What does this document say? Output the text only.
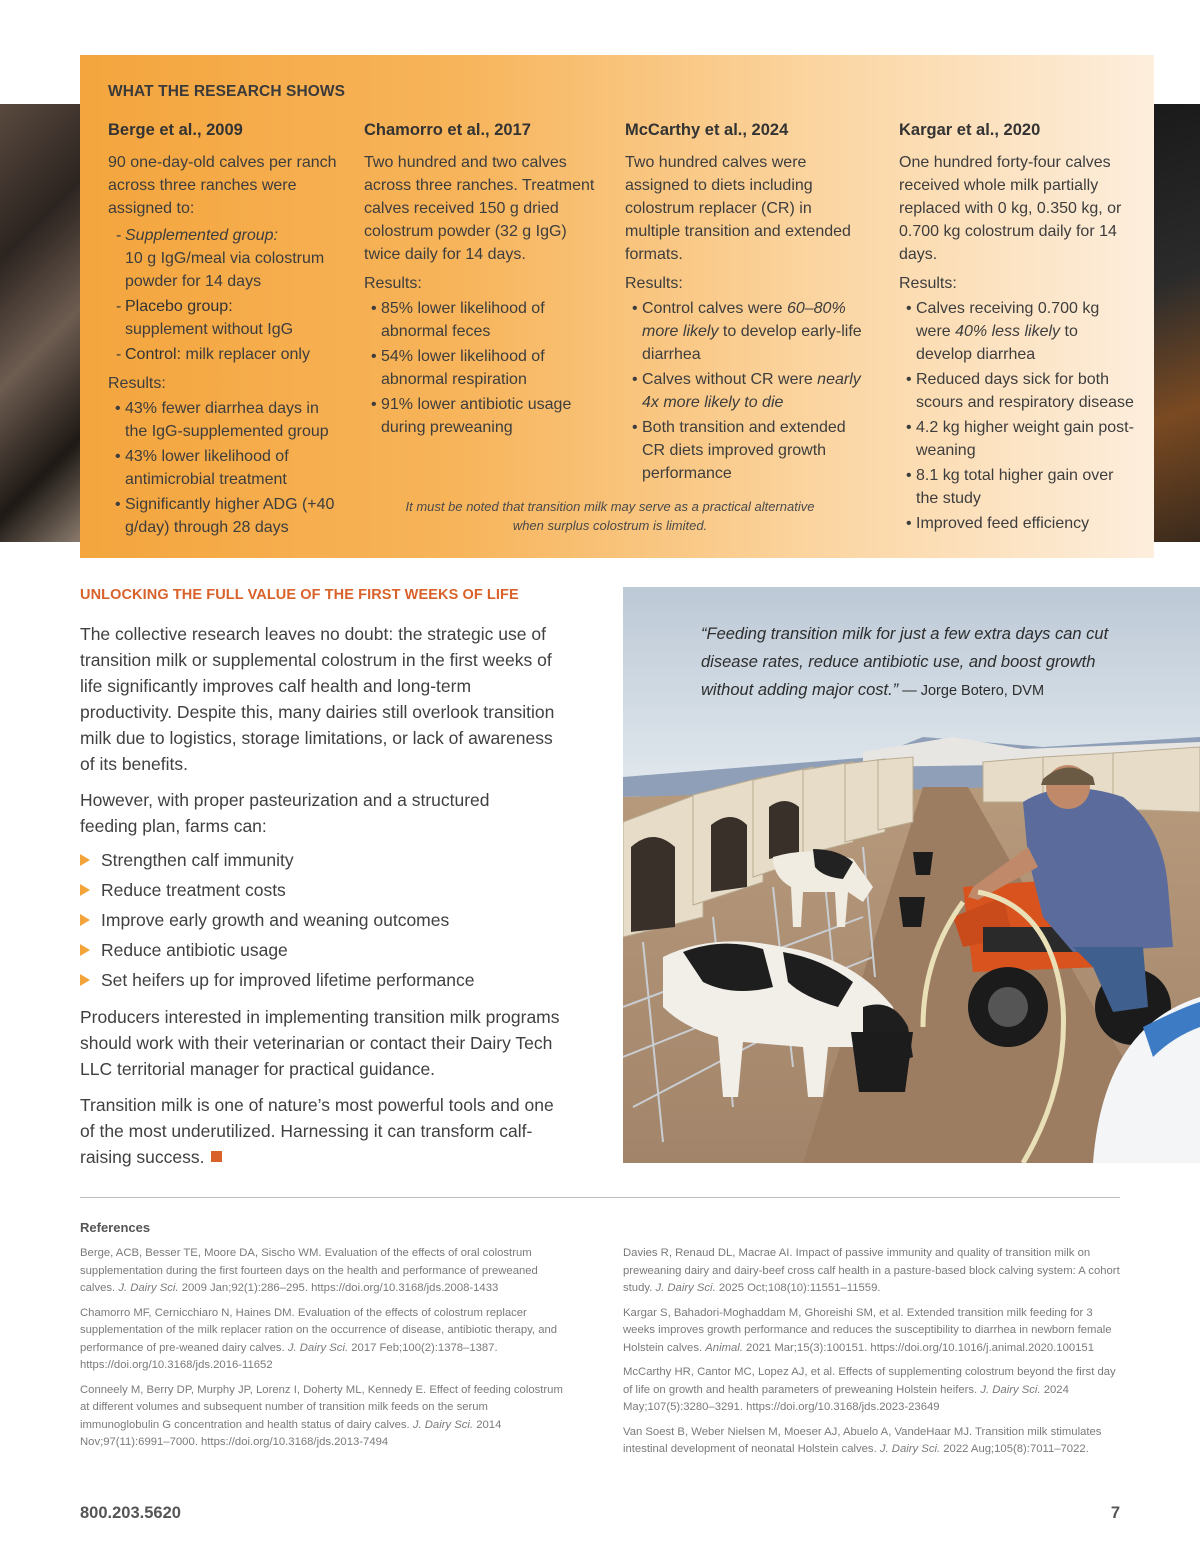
WHAT THE RESEARCH SHOWS
Berge et al., 2009
90 one-day-old calves per ranch across three ranches were assigned to:
- Supplemented group:
10 g IgG/meal via colostrum powder for 14 days
- Placebo group:
supplement without IgG
- Control: milk replacer only
Results:
• 43% fewer diarrhea days in the IgG-supplemented group
• 43% lower likelihood of antimicrobial treatment
• Significantly higher ADG (+40 g/day) through 28 days
Chamorro et al., 2017
Two hundred and two calves across three ranches. Treatment calves received 150 g dried colostrum powder (32 g IgG) twice daily for 14 days.
Results:
• 85% lower likelihood of abnormal feces
• 54% lower likelihood of abnormal respiration
• 91% lower antibiotic usage during preweaning
McCarthy et al., 2024
Two hundred calves were assigned to diets including colostrum replacer (CR) in multiple transition and extended formats.
Results:
• Control calves were 60–80% more likely to develop early-life diarrhea
• Calves without CR were nearly 4x more likely to die
• Both transition and extended CR diets improved growth performance
Kargar et al., 2020
One hundred forty-four calves received whole milk partially replaced with 0 kg, 0.350 kg, or 0.700 kg colostrum daily for 14 days.
Results:
• Calves receiving 0.700 kg were 40% less likely to develop diarrhea
• Reduced days sick for both scours and respiratory disease
• 4.2 kg higher weight gain post-weaning
• 8.1 kg total higher gain over the study
• Improved feed efficiency
It must be noted that transition milk may serve as a practical alternative
when surplus colostrum is limited.
UNLOCKING THE FULL VALUE OF THE FIRST WEEKS OF LIFE
The collective research leaves no doubt: the strategic use of transition milk or supplemental colostrum in the first weeks of life significantly improves calf health and long-term productivity. Despite this, many dairies still overlook transition milk due to logistics, storage limitations, or lack of awareness of its benefits.
However, with proper pasteurization and a structured feeding plan, farms can:
Strengthen calf immunity
Reduce treatment costs
Improve early growth and weaning outcomes
Reduce antibiotic usage
Set heifers up for improved lifetime performance
Producers interested in implementing transition milk programs should work with their veterinarian or contact their Dairy Tech LLC territorial manager for practical guidance.
Transition milk is one of nature’s most powerful tools and one of the most underutilized. Harnessing it can transform calf-raising success.
“Feeding transition milk for just a few extra days can cut disease rates, reduce antibiotic use, and boost growth without adding major cost.” — Jorge Botero, DVM
References

Berge, ACB, Besser TE, Moore DA, Sischo WM. Evaluation of the effects of oral colostrum supplementation during the first fourteen days on the health and performance of preweaned calves. J. Dairy Sci. 2009 Jan;92(1):286–295. https://doi.org/10.3168/jds.2008-1433

Chamorro MF, Cernicchiaro N, Haines DM. Evaluation of the effects of colostrum replacer supplementation of the milk replacer ration on the occurrence of disease, antibiotic therapy, and performance of pre-weaned dairy calves. J. Dairy Sci. 2017 Feb;100(2):1378–1387. https://doi.org/10.3168/jds.2016-11652

Conneely M, Berry DP, Murphy JP, Lorenz I, Doherty ML, Kennedy E. Effect of feeding colostrum at different volumes and subsequent number of transition milk feeds on the serum immunoglobulin G concentration and health status of dairy calves. J. Dairy Sci. 2014 Nov;97(11):6991–7000. https://doi.org/10.3168/jds.2013-7494

Davies R, Renaud DL, Macrae AI. Impact of passive immunity and quality of transition milk on preweaning dairy and dairy-beef cross calf health in a pasture-based block calving system: A cohort study. J. Dairy Sci. 2025 Oct;108(10):11551–11559.

Kargar S, Bahadori-Moghaddam M, Ghoreishi SM, et al. Extended transition milk feeding for 3 weeks improves growth performance and reduces the susceptibility to diarrhea in newborn female Holstein calves. Animal. 2021 Mar;15(3):100151. https://doi.org/10.1016/j.animal.2020.100151

McCarthy HR, Cantor MC, Lopez AJ, et al. Effects of supplementing colostrum beyond the first day of life on growth and health parameters of preweaning Holstein heifers. J. Dairy Sci. 2024 May;107(5):3280–3291. https://doi.org/10.3168/jds.2023-23649

Van Soest B, Weber Nielsen M, Moeser AJ, Abuelo A, VandeHaar MJ. Transition milk stimulates intestinal development of neonatal Holstein calves. J. Dairy Sci. 2022 Aug;105(8):7011–7022.

800.203.5620	7
